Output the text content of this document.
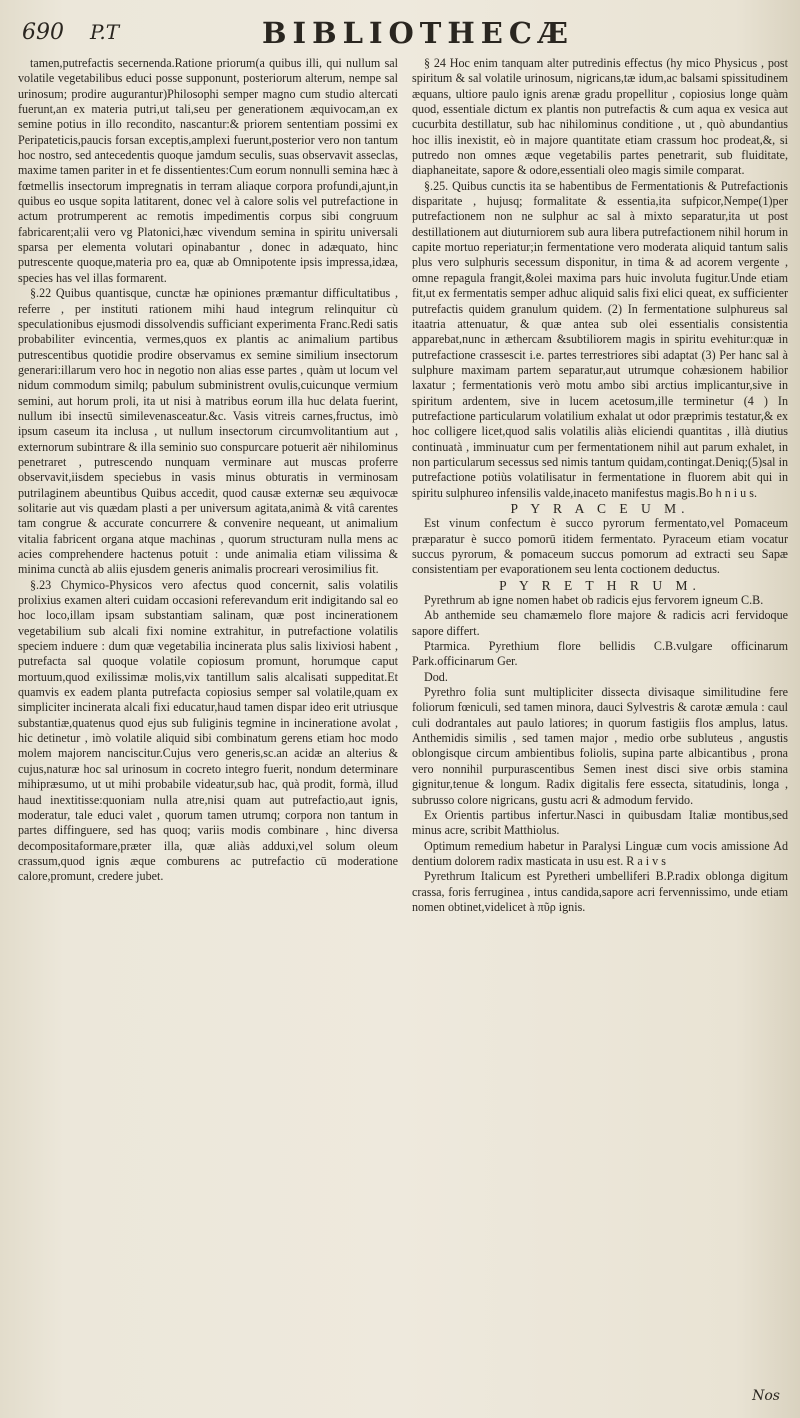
690 P.T	BIBLIOTHECÆ

tamen,putrefactis secernenda.Ratione priorum(a quibus illi, qui nullum sal volatile vegetabilibus educi posse supponunt, posteriorum alterum, nempe sal urinosum; prodire augurantur)Philosophi semper magno cum studio altercati fuerunt,an ex materia putri,ut tali,seu per generationem æquivocam,an ex semine potius in illo recondito, nascantur:& priorem sententiam possimi ex Peripateticis,paucis forsan exceptis,amplexi fuerunt,posterior vero non tantum hoc nostro, sed antecedentis quoque jamdum seculis, suas observavit asseclas, maxime tamen pariter in et fe dissentientes:Cum eorum nonnulli semina hæc à fœtmellis insectorum impregnatis in terram aliaque corpora profundi,ajunt,in quibus eo usque sopita latitarent, donec vel à calore solis vel putrefactione in actum protrumperent ac remotis impedimentis corpus sibi congruum fabricarent;alii vero vg Platonici,hæc vivendum semina in spiritu universali sparsa per elementa volutari opinabantur , donec in adæquato, hinc putrescente quoque,materia pro ea, quæ ab Omnipotente ipsis impressa,idæa, species has vel illas formarent.

§.22 Quibus quantisque, cunctæ hæ opiniones præmantur difficultatibus , referre , per instituti rationem mihi haud integrum relinquitur cù speculationibus ejusmodi dissolvendis sufficiant experimenta Franc.Redi satis probabiliter evincentia, vermes,quos ex plantis ac animalium partibus putrescentibus quotidie prodire observamus ex semine similium insectorum generari:illarum vero hoc in negotio non alias esse partes , quàm ut locum vel nidum commodum similq; pabulum subministrent ovulis,cuicunque vermium semini, aut horum proli, ita ut nisi à matribus eorum illa huc delata fuerint, nullum ibi insectū similevenasceatur.&c. Vasis vitreis carnes,fructus, imò ipsum caseum ita inclusa , ut nullum insectorum circumvolitantium aut , externorum subintrare & illa seminio suo conspurcare potuerit aër nihilominus penetraret , putrescendo nunquam verminare aut muscas proferre observavit,iisdem speciebus in vasis minus obturatis in verminosam putrilaginem abeuntibus Quibus accedit, quod causæ externæ seu æquivocæ solitarie aut vis quædam plasti a per universum agitata,animà & vitâ carentes tam congrue & accurate concurrere & convenire nequeant, ut animalium vitalia fabricent organa atque machinas , quorum structuram nulla mens ac acies comprehendere hactenus potuit : unde animalia etiam vilissima & minima cunctà ab aliis ejusdem generis animalis procreari verosimilius fit.

§.23 Chymico-Physicos vero afectus quod concernit, salis volatilis prolixius examen alteri cuidam occasioni referevandum erit indigitando sal eo hoc loco,illam ipsam substantiam salinam, quæ post incinerationem vegetabilium sub alcali fixi nomine extrahitur, in putrefactione volatilis speciem induere : dum quæ vegetabilia incinerata plus salis lixiviosi habent , putrefacta sal quoque volatile copiosum promunt, horumque caput mortuum,quod exilissimæ molis,vix tantillum salis alcalisati suppeditat.Et quamvis ex eadem planta putrefacta copiosius semper sal volatile,quam ex simpliciter incinerata alcali fixi educatur,haud tamen dispar ideo erit utriusque substantiæ,quatenus quod ejus sub fuliginis tegmine in incineratione avolat , hic detinetur , imò volatile aliquid sibi combinatum gerens etiam hoc modo molem majorem nanciscitur.Cujus vero generis,sc.an acidæ an alterius & cujus,naturæ hoc sal urinosum in cocreto integro fuerit, nondum determinare mihipræsumo, ut ut mihi probabile videatur,sub hac, quà prodit, formà, illud haud inextitisse:quoniam nulla atre,nisi quam aut putrefactio,aut ignis, moderatur, tale educi valet , quorum tamen utrumq; corpora non tantum in partes diffinguere, sed has quoq; variis modis combinare , hinc diversa decompositaformare,præter illa, quæ aliàs adduxi,vel solum oleum crassum,quod ignis æque comburens ac putrefactio cū moderatione calore,promunt, credere jubet.

§ 24 Hoc enim tanquam alter putredinis effectus (hy mico Physicus , post spiritum & sal volatile urinosum, nigricans,tæ idum,ac balsami spissitudinem æquans, ultiore paulo ignis arenæ gradu propellitur , copiosius longe quàm quod, essentiale dictum ex plantis non putrefactis & cum aqua ex vesica aut cucurbita destillatur, sub hac nihilominus conditione , ut , quò abundantius hoc illis inexistit, eò in majore quantitate etiam crassum hoc prodeat,&, si putredo non omnes æque vegetabilis partes penetrarit, sub fluiditate, diaphaneitate, sapore & odore,essentiali oleo magis simile comparat.

§.25. Quibus cunctis ita se habentibus de Fermentationis & Putrefactionis disparitate , hujusq; formalitate & essentia,ita sufpicor,Nempe(1)per putrefactionem non ne sulphur ac sal à mixto separatur,ita ut post destillationem aut diuturniorem sub aura libera putrefactionem nihil horum in capite mortuo reperiatur;in fermentatione vero moderata aliquid tantum salis plus vero sulphuris secessum disponitur, in tima & ad acorem vergente , omne repagula frangit,&olei maxima pars huic involuta fugitur.Unde etiam fit,ut ex fermentatis semper adhuc aliquid salis fixi elici queat, ex sufficienter putrefactis quidem granulum quidem. (2) In fermentatione sulphureus sal itaatria attenuatur, & quæ antea sub olei essentialis consistentia apparebat,nunc in æthercam &subtiliorem magis in spiritu evehitur:quæ in putrefactione crassescit i.e. partes terrestriores sibi adaptat (3) Per hanc sal à sulphure maximam partem separatur,aut utrumque cohæsionem habilior laxatur ; fermentationis verò motu ambo sibi arctius implicantur,sive in spiritum ardentem, sive in lucem acetosum,ille terminetur (4 ) In putrefactione particularum volatilium exhalat ut odor præprimis testatur,& ex hoc colligere licet,quod salis volatilis aliàs eliciendi quantitas , illà diutius continuatà , imminuatur cum per fermentationem nihil aut parum exhalet, in non particularum secessus sed nimis tantum quidam,contingat.Deniq;(5)sal in putrefactione potiùs volatilisatur in fermentatione in fluorem abit qui in spiritu sulphureo infensilis valde,inaceto manifestus magis.Bo h n i u s.

P Y R A C E U M.

Est vinum confectum è succo pyrorum fermentato,vel Pomaceum præparatur è succo pomorū itidem fermentato. Pyraceum etiam vocatur succus pyrorum, & pomaceum succus pomorum ad extracti seu Sapæ consistentiam per evaporationem seu lenta coctionem deductus.

P Y R E T H R U M.

Pyrethrum ab igne nomen habet ob radicis ejus fervorem igneum C.B.

Ab anthemide seu chamæmelo flore majore & radicis acri fervidoque sapore differt.

Ptarmica. Pyrethium flore bellidis C.B.vulgare officinarum Park.officinarum Ger.

Dod.

Pyrethro folia sunt multipliciter dissecta divisaque similitudine fere foliorum fœniculi, sed tamen minora, dauci Sylvestris & carotæ æmula : caul culi dodrantales aut paulo latiores; in quorum fastigiis flos amplus, latus. Anthemidis similis , sed tamen major , medio orbe subluteus , angustis oblongisque circum ambientibus foliolis, supina parte albicantibus , prona vero nonnihil purpurascentibus Semen inest disci sive orbis stamina gignitur,tenue & longum. Radix digitalis fere essecta, sitatudinis, longa , subrusso colore nigricans, gustu acri & admodum fervido.

Ex Orientis partibus infertur.Nasci in quibusdam Italiæ montibus,sed minus acre, scribit Matthiolus.

Optimum remedium habetur in Paralysi Linguæ cum vocis amissione Ad dentium dolorem radix masticata in usu est. R a i v s

Pyrethrum Italicum est Pyretheri umbelliferi B.P.radix oblonga digitum crassa, foris ferruginea , intus candida,sapore acri fervennissimo, unde etiam nomen obtinet,videlicet à πῦρ ignis.

Nos
